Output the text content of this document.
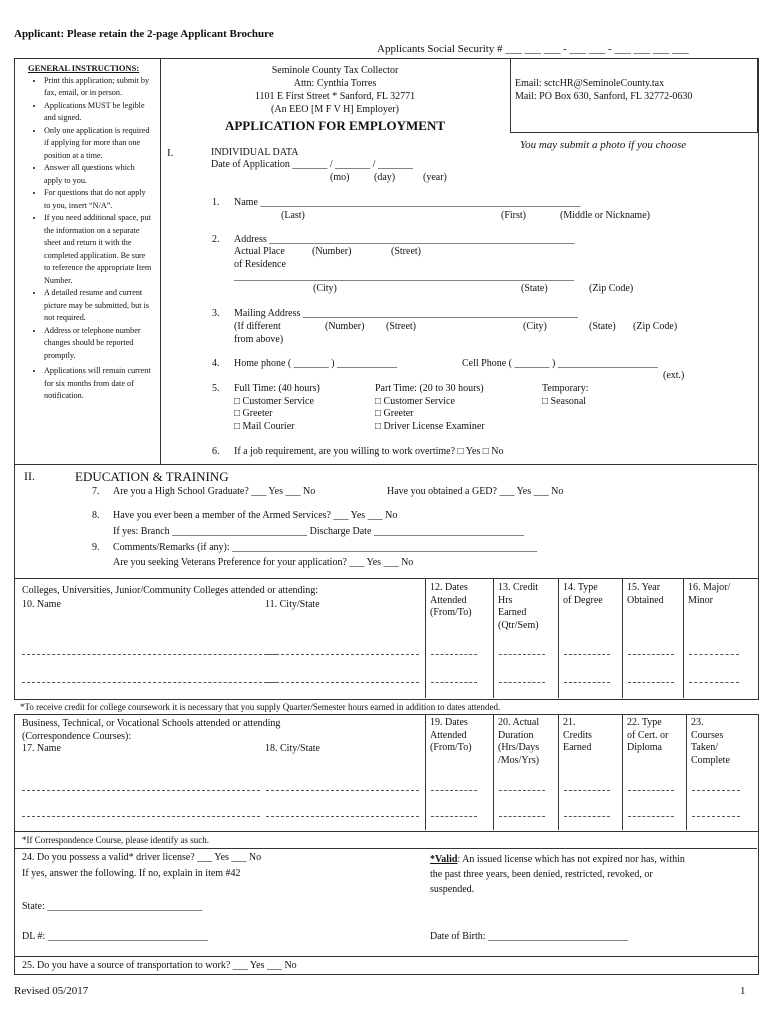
Applicant: Please retain the 2-page Applicant Brochure
Applicants Social Security # ___ ___ ___ - ___ ___ - ___ ___ ___ ___
GENERAL INSTRUCTIONS:
• Print this application; submit by fax, email, or in person.
• Applications MUST be legible and signed.
• Only one application is required if applying for more than one position at a time.
• Answer all questions which apply to you.
• For questions that do not apply to you, insert “N/A”.
• If you need additional space, put the information on a separate sheet and return it with the completed application. Be sure to reference the appropriate Item Number.
• A detailed resume and current picture may be submitted, but is not required.
• Address or telephone number changes should be reported promptly.
• Applications will remain current for six months from date of notification.
Seminole County Tax Collector
Attn: Cynthia Torres
1101 E First Street * Sanford, FL 32771
(An EEO [M F V H] Employer)
APPLICATION FOR EMPLOYMENT
Email: sctcHR@SeminoleCounty.tax
Mail: PO Box 630, Sanford, FL 32772-0630
You may submit a photo if you choose
I.	INDIVIDUAL DATA
Date of Application _______ / _______ / _______
(mo) (day)	(year)
1. Name ________________________________________________________________
(Last)	(First)	(Middle or Nickname)
2. Address _____________________________________________________________
Actual Place	(Number)	(Street)
of Residence
____________________________________________________________________
(City)	(State)	(Zip Code)
3. Mailing Address _______________________________________________________
(If different	(Number) (Street)	(City)	(State) (Zip Code)
from above)
4. Home phone ( _______ ) ____________	Cell Phone ( _______ ) ____________________
(ext.)
5. Full Time: (40 hours)
□ Customer Service
□ Greeter
□ Mail Courier
Part Time: (20 to 30 hours)
□ Customer Service
□ Greeter
□ Driver License Examiner
Temporary:
□ Seasonal
6. If a job requirement, are you willing to work overtime? □ Yes □ No
II.	EDUCATION & TRAINING
7. Are you a High School Graduate? ___ Yes ___ No	Have you obtained a GED? ___ Yes ___ No
8. Have you ever been a member of the Armed Services? ___ Yes ___ No
If yes: Branch ___________________________ Discharge Date ______________________________
9. Comments/Remarks (if any): _____________________________________________________________
Are you seeking Veterans Preference for your application? ___ Yes ___ No
Colleges, Universities, Junior/Community Colleges attended or attending:
10. Name	11. City/State
12. Dates
Attended
(From/To)
13. Credit
Hrs
Earned
(Qtr/Sem)
14. Type
of Degree
15. Year
Obtained
16. Major/
Minor
*To receive credit for college coursework it is necessary that you supply Quarter/Semester hours earned in addition to dates attended.
Business, Technical, or Vocational Schools attended or attending
(Correspondence Courses):
17. Name	18. City/State
19. Dates
Attended
(From/To)
20. Actual
Duration
(Hrs/Days
/Mos/Yrs)
21.
Credits
Earned
22. Type
of Cert. or
Diploma
23.
Courses
Taken/
Complete
*If Correspondence Course, please identify as such.
24. Do you possess a valid* driver license? ___ Yes ___ No
If yes, answer the following. If no, explain in item #42
*Valid: An issued license which has not expired nor has, within
the past three years, been denied, restricted, revoked, or
suspended.
State: _______________________________
DL #: ________________________________	Date of Birth: ____________________________
25. Do you have a source of transportation to work? ___ Yes ___ No
Revised 05/2017	1
